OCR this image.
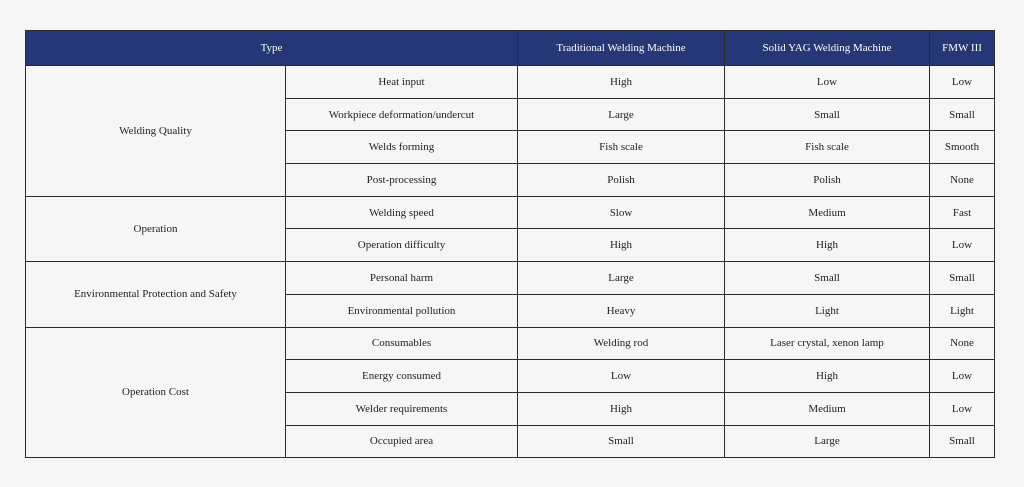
Type		Traditional Welding Machine	Solid YAG Welding Machine	FMW III
Welding Quality	Heat input	High	Low	Low
	Workpiece deformation/undercut	Large	Small	Small
	Welds forming	Fish scale	Fish scale	Smooth
	Post-processing	Polish	Polish	None
Operation	Welding speed	Slow	Medium	Fast
	Operation difficulty	High	High	Low
Environmental Protection and Safety	Personal harm	Large	Small	Small
	Environmental pollution	Heavy	Light	Light
Operation Cost	Consumables	Welding rod	Laser crystal, xenon lamp	None
	Energy consumed	Low	High	Low
	Welder requirements	High	Medium	Low
	Occupied area	Small	Large	Small
